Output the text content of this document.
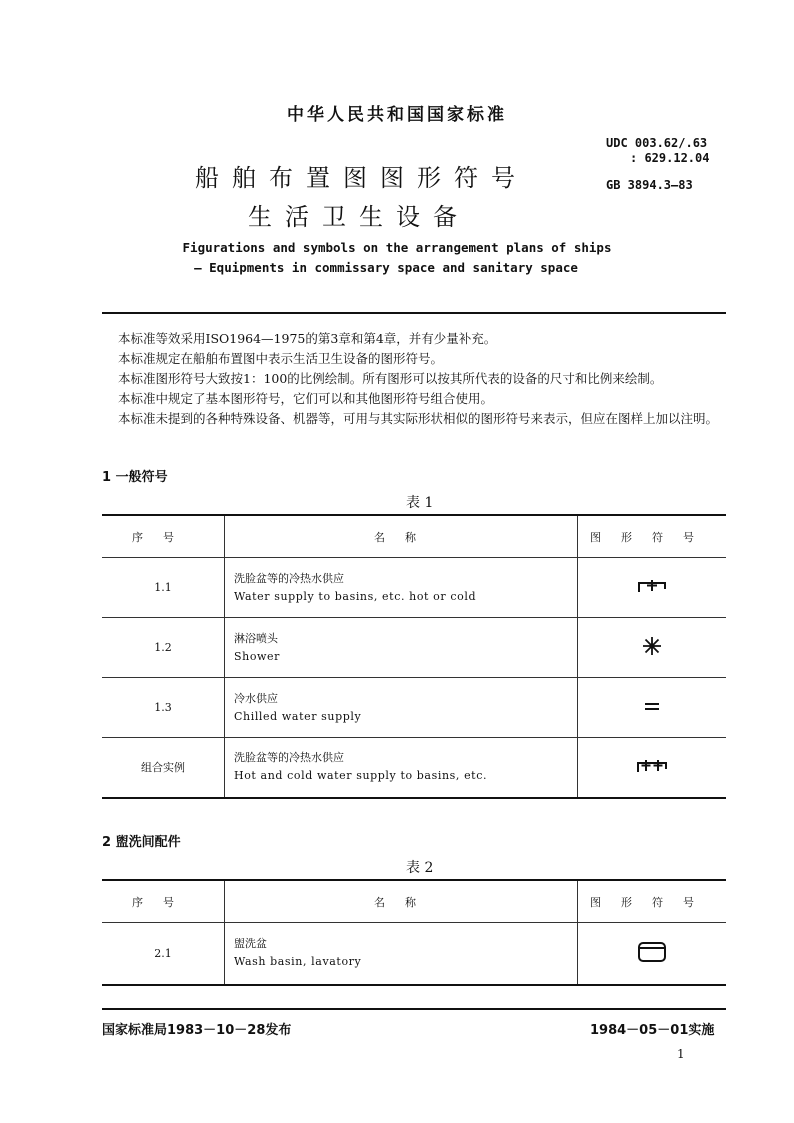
中华人民共和国国家标准
UDC 003.62/.63
: 629.12.04
GB 3894.3—83
船舶布置图图形符号
生活卫生设备
Figurations and symbols on the arrangement plans of ships
— Equipments in commissary space and sanitary space

本标准等效采用ISO1964—1975的第3章和第4章，并有少量补充。

本标准规定在船舶布置图中表示生活卫生设备的图形符号。

本标准图形符号大致按1：100的比例绘制。所有图形可以按其所代表的设备的尺寸和比例来绘制。

本标准中规定了基本图形符号，它们可以和其他图形符号组合使用。

本标准未提到的各种特殊设备、机器等，可用与其实际形状相似的图形符号来表示，但应在图样上加以注明。

1 一般符号
表 1
序号	名称	图形符号
1.1	洗脸盆等的冷热水供应
Water supply to basins, etc. hot or cold

1.2	淋浴喷头
Shower

1.3	冷水供应
Chilled water supply

组合实例	洗脸盆等的冷热水供应
Hot and cold water supply to basins, etc.

2 盥洗间配件
表 2
序号	名称	图形符号
2.1	盥洗盆
Wash basin, lavatory

国家标准局1983－10－28发布	1984－05－01实施
1
